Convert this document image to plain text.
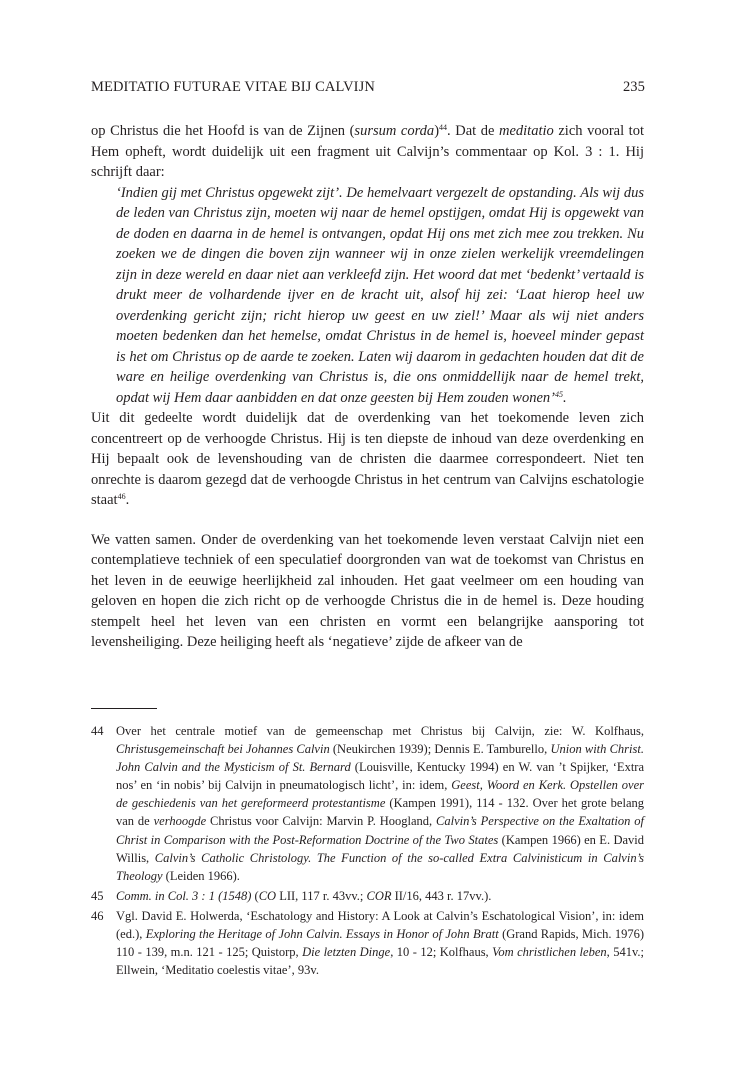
MEDITATIO FUTURAE VITAE BIJ CALVIJN	235

op Christus die het Hoofd is van de Zijnen (sursum corda)$^{44}$. Dat de meditatio zich vooral tot Hem opheft, wordt duidelijk uit een fragment uit Calvijn’s commentaar op Kol. 3 : 1. Hij schrijft daar:

‘Indien gij met Christus opgewekt zijt’. De hemelvaart vergezelt de opstanding. Als wij dus de leden van Christus zijn, moeten wij naar de hemel opstijgen, omdat Hij is opgewekt van de doden en daarna in de hemel is ontvangen, opdat Hij ons met zich mee zou trekken. Nu zoeken we de dingen die boven zijn wanneer wij in onze zielen werkelijk vreemdelingen zijn in deze wereld en daar niet aan verkleefd zijn. Het woord dat met ‘bedenkt’ vertaald is drukt meer de volhardende ijver en de kracht uit, alsof hij zei: ‘Laat hierop heel uw overdenking gericht zijn; richt hierop uw geest en uw ziel!’ Maar als wij niet anders moeten bedenken dan het hemelse, omdat Christus in de hemel is, hoeveel minder gepast is het om Christus op de aarde te zoeken. Laten wij daarom in gedachten houden dat dit de ware en heilige overdenking van Christus is, die ons onmiddellijk naar de hemel trekt, opdat wij Hem daar aanbidden en dat onze geesten bij Hem zouden wonen’$^{45}$.

Uit dit gedeelte wordt duidelijk dat de overdenking van het toekomende leven zich concentreert op de verhoogde Christus. Hij is ten diepste de inhoud van deze overdenking en Hij bepaalt ook de levenshouding van de christen die daarmee correspondeert. Niet ten onrechte is daarom gezegd dat de verhoogde Christus in het centrum van Calvijns eschatologie staat$^{46}$.

We vatten samen. Onder de overdenking van het toekomende leven verstaat Calvijn niet een contemplatieve techniek of een speculatief doorgronden van wat de toekomst van Christus en het leven in de eeuwige heerlijkheid zal inhouden. Het gaat veelmeer om een houding van geloven en hopen die zich richt op de verhoogde Christus die in de hemel is. Deze houding stempelt heel het leven van een christen en vormt een belangrijke aansporing tot levensheiliging. Deze heiliging heeft als ‘negatieve’ zijde de afkeer van de

44	Over het centrale motief van de gemeenschap met Christus bij Calvijn, zie: W. Kolfhaus, Christusgemeinschaft bei Johannes Calvin (Neukirchen 1939); Dennis E. Tamburello, Union with Christ. John Calvin and the Mysticism of St. Bernard (Louisville, Kentucky 1994) en W. van ’t Spijker, ‘Extra nos’ en ‘in nobis’ bij Calvijn in pneumatologisch licht’, in: idem, Geest, Woord en Kerk. Opstellen over de geschiedenis van het gereformeerd protestantisme (Kampen 1991), 114 - 132. Over het grote belang van de verhoogde Christus voor Calvijn: Marvin P. Hoogland, Calvin’s Perspective on the Exaltation of Christ in Comparison with the Post-Reformation Doctrine of the Two States (Kampen 1966) en E. David Willis, Calvin’s Catholic Christology. The Function of the so-called Extra Calvinisticum in Calvin’s Theology (Leiden 1966).
45	Comm. in Col. 3 : 1 (1548) (CO LII, 117 r. 43vv.; COR II/16, 443 r. 17vv.).
46	Vgl. David E. Holwerda, ‘Eschatology and History: A Look at Calvin’s Eschatological Vision’, in: idem (ed.), Exploring the Heritage of John Calvin. Essays in Honor of John Bratt (Grand Rapids, Mich. 1976) 110 - 139, m.n. 121 - 125; Quistorp, Die letzten Dinge, 10 - 12; Kolfhaus, Vom christlichen leben, 541v.; Ellwein, ‘Meditatio coelestis vitae’, 93v.
